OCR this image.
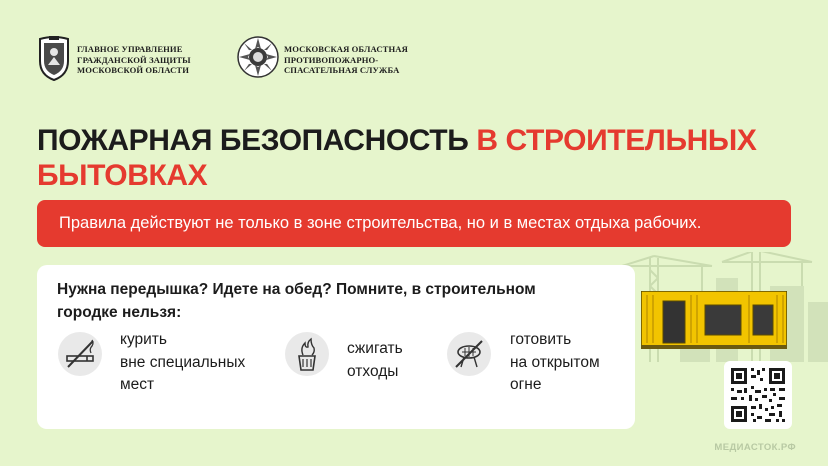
ГЛАВНОЕ УПРАВЛЕНИЕ
ГРАЖДАНСКОЙ ЗАЩИТЫ
МОСКОВСКОЙ ОБЛАСТИ
МОСКОВСКАЯ ОБЛАСТНАЯ
ПРОТИВОПОЖАРНО-
СПАСАТЕЛЬНАЯ СЛУЖБА
ПОЖАРНАЯ БЕЗОПАСНОСТЬ В СТРОИТЕЛЬНЫХ БЫТОВКАХ
Правила действуют не только в зоне строительства, но и в местах отдыха рабочих.
Нужна передышка? Идете на обед? Помните, в строительном
городке нельзя:
курить
вне специальных
мест
сжигать
отходы
готовить
на открытом
огне
МЕДИАСТОК.РФ
